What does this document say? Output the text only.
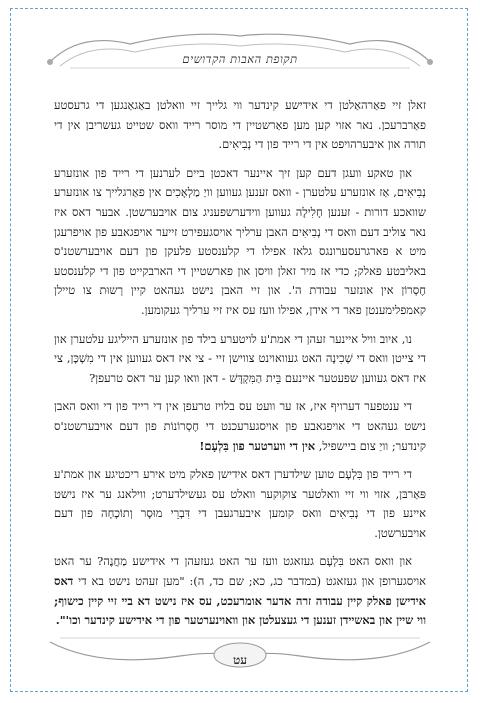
תקופת האבות הקדושים

זאלן זיי פאַרהאַלטן די אידישע קינדער ווי גלייך זיי וואלטן באַגאַנגען די גרעסטע פאַרברעכן. נאר אזוי קען מען פאַרשטיין די מוסר רייד וואס שטייט געשריבן אין די תורה און איבערהויפט אין די רייד פון די נְבִיאִים.

און טאקע וועגן דעם קען זיך איינער דאכטן ביים לערנען די רייד פון אונזערע נְבִיאִים, אַז אונזערע עלטערן - וואס זענען געווען וויַ מַלְאָכִים אין פאַרגלייך צו אונזערע שוואכע דורות - זענען חָלִילָה געווען ווידערשפעניג צום אויבערשטן. אבער דאס איז נאר צוליב דעם וואס די נְבִיאִים האבן ערליך אויסגעפירט זייער אויפגאבע פון אויפרעגן מיט א פארגרעסערונגס גלאז אפילו די קלענסטע פלעקן פון דעם אויבערשטנ'ס באליבטע פאלק; כדי אז מיר זאלן וויסן און פארשטיין די הארבקייט פון די קלענסטע חֶסְרוֹן אין אונזער עבודת ה'. און זיי האבן נישט געהאט קיין רְשוּת צו טיילן קאמפלימענטן פאר די אידן, אפילו וועז עס איז זיי ערליך געקומען.

נו, איוב וויל איינער זעהן די אמת'ע לויטערע בילד פון אונזערע הייליגע עלטערן און די צייטן וואס די שְׁכִינָה האט געוואוינט צווישן זיי - צי איז דאס געווען אין די מִשְׁכָּן, צי איז דאס געווען שפעטער איינעם בֵּית הַמִּקְדָּשׁ - דאן וואו קען ער דאס טרעפן?

די ענטפער דערויף איז, אז ער וועט עס בלויז טרעפן אין די רייד פון די וואס האבן נישט געהאט די אויפגאבע פון אויסגערעכנט די חֶסְרוֹנוֹת פון דעם אויבערשטנ'ס קינדער; וויַ צום ביישפיל, אין די ווערטער פון בִּלְעָם!

די רייד פון בִּלְעָם טוען שילדערן דאס אידישן פאלק מיט אירע ריכטיגע און אמת'ע פּאַרבּן, אזוי ווי זיי וואלטער צוקוקער וואלט עס געשילדערט; ווילאנג ער איז נישט איינע פון די נְבִיאִים וואס קומען איבערגעבן די דִּבְרֵי מוּסָר וְתוֹכָחָה פון דעם אויבערשטן.

און וואס האט בִּלְעָם געזאגט וועז ער האט געזעהן די אידישע מַחֲנֶה? ער האט אויסגערופן און געזאגט (במדבר כג, כא; שם כד, ה): "מען זעהט נישט בא די דאס אידישן פאלק קיין עבודה זרה אדער אומרעכט, עס איז נישט דא ביי זיי קיין כישוף; ווי שיין און באשיידן זענען די געצעלטן און וואוינערטער פון די אידישע קינדער וכו'".

עט
